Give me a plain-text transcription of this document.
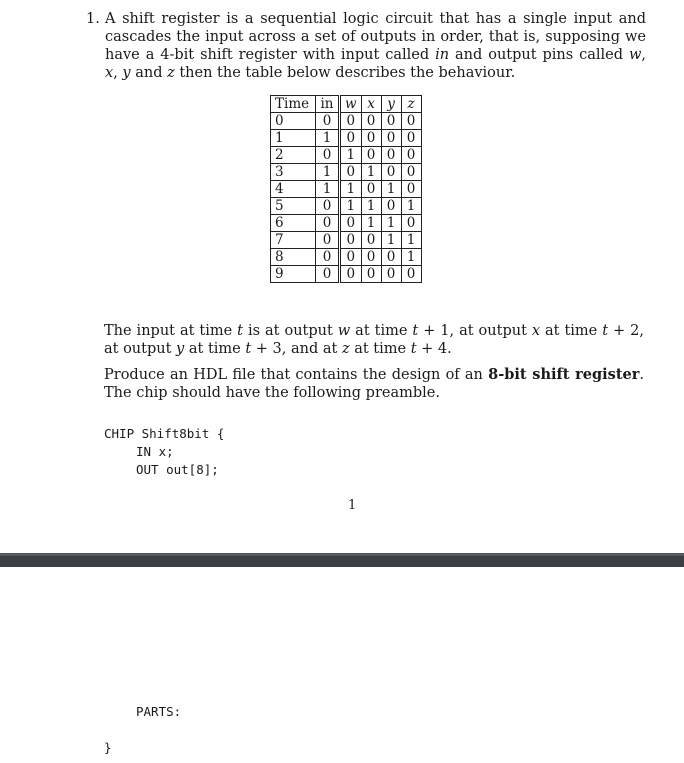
1. A shift register is a sequential logic circuit that has a single input and cascades the input across a set of outputs in order, that is, supposing we have a 4-bit shift register with input called in and output pins called w, x, y and z then the table below describes the behaviour.
Time	in	w	x	y	z
0	0	0	0	0	0
1	1	0	0	0	0
2	0	1	0	0	0
3	1	0	1	0	0
4	1	1	0	1	0
5	0	1	1	0	1
6	0	0	1	1	0
7	0	0	0	1	1
8	0	0	0	0	1
9	0	0	0	0	0
The input at time t is at output w at time t + 1, at output x at time t + 2, at output y at time t + 3, and at z at time t + 4.
Produce an HDL file that contains the design of an 8-bit shift register. The chip should have the following preamble.
CHIP Shift8bit {
IN x;
OUT out[8];
1
PARTS:
}
